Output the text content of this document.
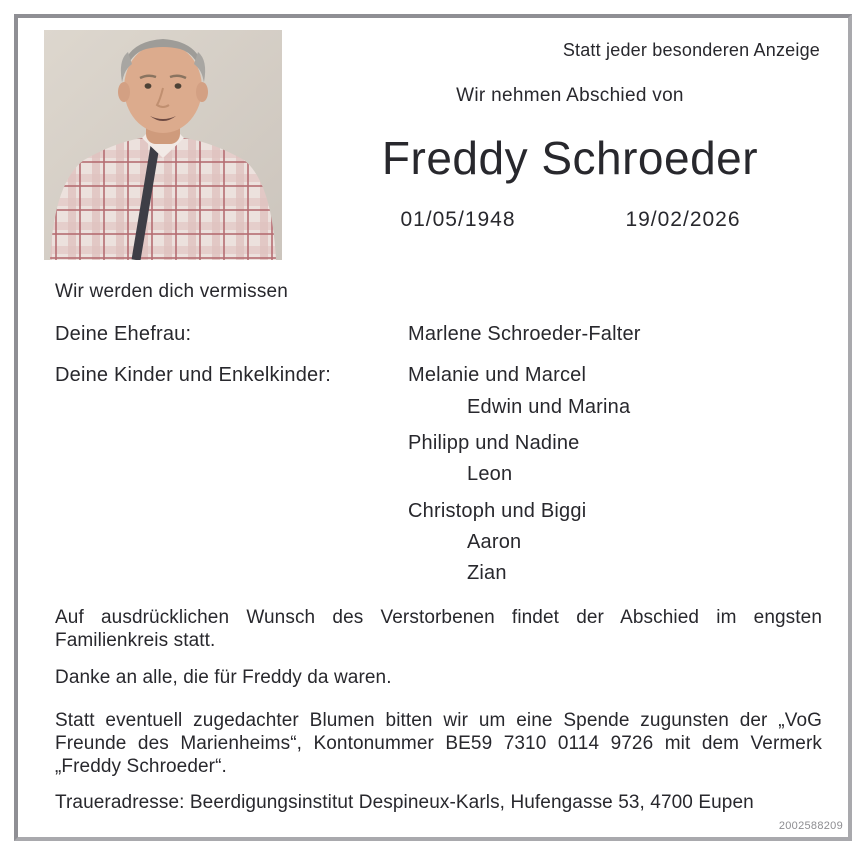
Statt jeder besonderen Anzeige
Wir nehmen Abschied von
Freddy Schroeder
01/05/1948	19/02/2026
Wir werden dich vermissen
Deine Ehefrau:	Marlene Schroeder-Falter
Deine Kinder und Enkelkinder:	Melanie und Marcel
Edwin und Marina
Philipp und Nadine
Leon
Christoph und Biggi
Aaron
Zian
Auf ausdrücklichen Wunsch des Verstorbenen findet der Abschied im engsten Familienkreis statt.
Danke an alle, die für Freddy da waren.
Statt eventuell zugedachter Blumen bitten wir um eine Spende zugunsten der „VoG Freunde des Marienheims“, Kontonummer BE59 7310 0114 9726 mit dem Vermerk „Freddy Schroeder“.
Traueradresse: Beerdigungsinstitut Despineux-Karls, Hufengasse 53, 4700 Eupen
2002588209
